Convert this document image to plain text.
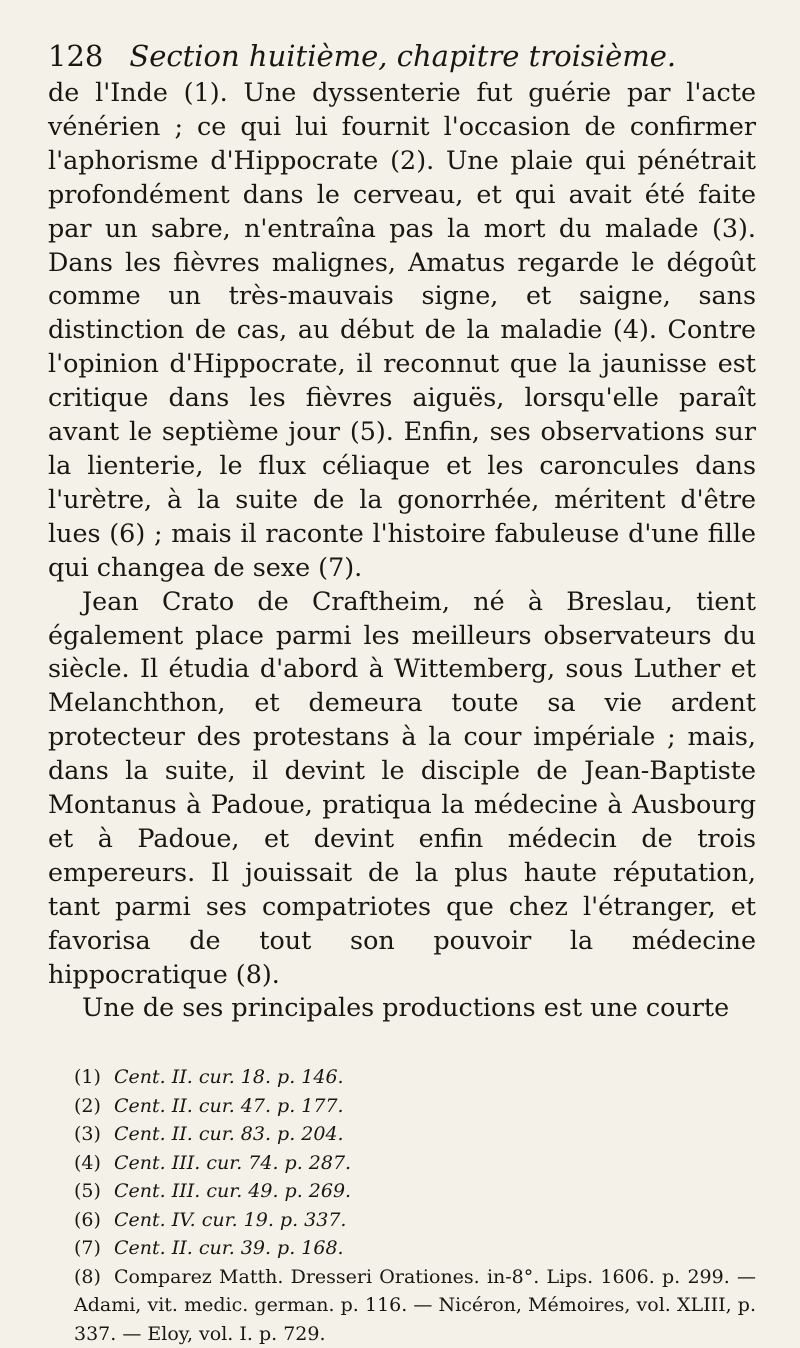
128 Section huitième, chapitre troisième.

de l'Inde (1). Une dyssenterie fut guérie par l'acte vénérien ; ce qui lui fournit l'occasion de confirmer l'aphorisme d'Hippocrate (2). Une plaie qui pénétrait profondément dans le cerveau, et qui avait été faite par un sabre, n'entraîna pas la mort du malade (3). Dans les fièvres malignes, Amatus regarde le dégoût comme un très-mauvais signe, et saigne, sans distinction de cas, au début de la maladie (4). Contre l'opinion d'Hippocrate, il reconnut que la jaunisse est critique dans les fièvres aiguës, lorsqu'elle paraît avant le septième jour (5). Enfin, ses observations sur la lienterie, le flux céliaque et les caroncules dans l'urètre, à la suite de la gonorrhée, méritent d'être lues (6) ; mais il raconte l'histoire fabuleuse d'une fille qui changea de sexe (7).

Jean Crato de Craftheim, né à Breslau, tient également place parmi les meilleurs observateurs du siècle. Il étudia d'abord à Wittemberg, sous Luther et Melanchthon, et demeura toute sa vie ardent protecteur des protestans à la cour impériale ; mais, dans la suite, il devint le disciple de Jean-Baptiste Montanus à Padoue, pratiqua la médecine à Ausbourg et à Padoue, et devint enfin médecin de trois empereurs. Il jouissait de la plus haute réputation, tant parmi ses compatriotes que chez l'étranger, et favorisa de tout son pouvoir la médecine hippocratique (8).

Une de ses principales productions est une courte

(1) Cent. II. cur. 18. p. 146.
(2) Cent. II. cur. 47. p. 177.
(3) Cent. II. cur. 83. p. 204.
(4) Cent. III. cur. 74. p. 287.
(5) Cent. III. cur. 49. p. 269.
(6) Cent. IV. cur. 19. p. 337.
(7) Cent. II. cur. 39. p. 168.
(8) Comparez Matth. Dresseri Orationes. in-8°. Lips. 1606. p. 299. — Adami, vit. medic. german. p. 116. — Nicéron, Mémoires, vol. XLIII, p. 337. — Eloy, vol. I. p. 729.
